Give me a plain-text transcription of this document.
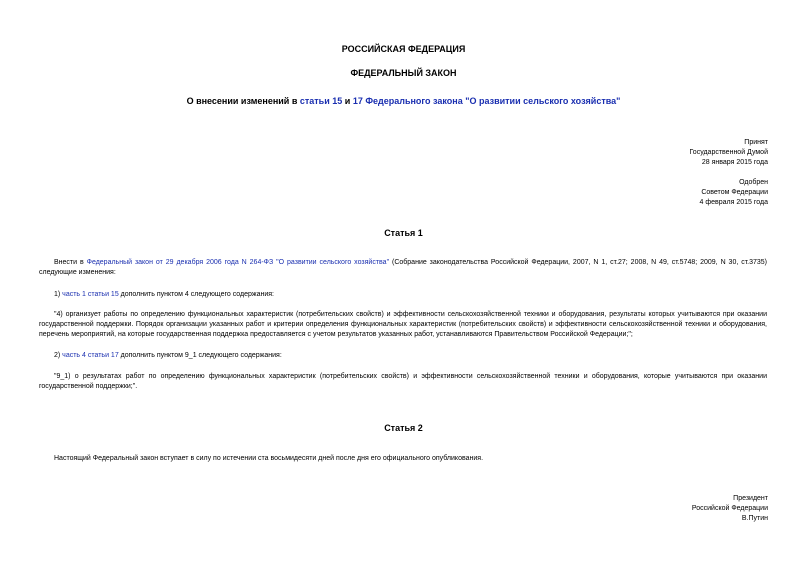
РОССИЙСКАЯ ФЕДЕРАЦИЯ
ФЕДЕРАЛЬНЫЙ ЗАКОН
О внесении изменений в статьи 15 и 17 Федерального закона "О развитии сельского хозяйства"
Принят
Государственной Думой
28 января 2015 года
Одобрен
Советом Федерации
4 февраля 2015 года
Статья 1
Внести в Федеральный закон от 29 декабря 2006 года N 264-ФЗ "О развитии сельского хозяйства" (Собрание законодательства Российской Федерации, 2007, N 1, ст.27; 2008, N 49, ст.5748; 2009, N 30, ст.3735) следующие изменения:
1) часть 1 статьи 15 дополнить пунктом 4 следующего содержания:
"4) организует работы по определению функциональных характеристик (потребительских свойств) и эффективности сельскохозяйственной техники и оборудования, результаты которых учитываются при оказании государственной поддержки. Порядок организации указанных работ и критерии определения функциональных характеристик (потребительских свойств) и эффективности сельскохозяйственной техники и оборудования, перечень мероприятий, на которые государственная поддержка предоставляется с учетом результатов указанных работ, устанавливаются Правительством Российской Федерации;";
2) часть 4 статьи 17 дополнить пунктом 9_1 следующего содержания:
"9_1) о результатах работ по определению функциональных характеристик (потребительских свойств) и эффективности сельскохозяйственной техники и оборудования, которые учитываются при оказании государственной поддержки;".
Статья 2
Настоящий Федеральный закон вступает в силу по истечении ста восьмидесяти дней после дня его официального опубликования.
Президент
Российской Федерации
В.Путин
